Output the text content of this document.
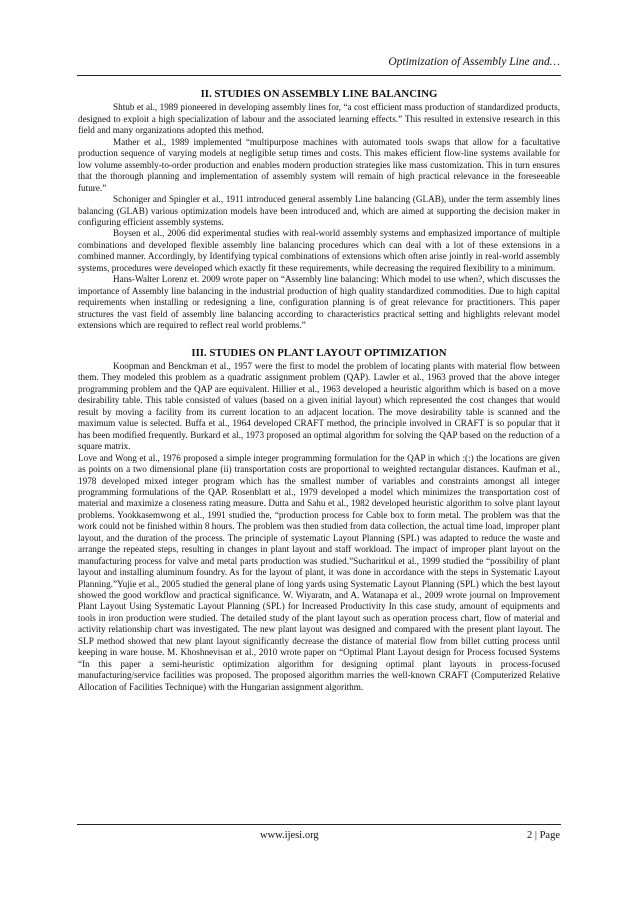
Optimization of Assembly Line and…
II. STUDIES ON ASSEMBLY LINE BALANCING

Shtub et al., 1989 pioneered in developing assembly lines for, “a cost efficient mass production of standardized products, designed to exploit a high specialization of labour and the associated learning effects.” This resulted in extensive research in this field and many organizations adopted this method.

Mather et al., 1989 implemented “multipurpose machines with automated tools swaps that allow for a facultative production sequence of varying models at negligible setup times and costs. This makes efficient flow-line systems available for low volume assembly-to-order production and enables modern production strategies like mass customization. This in turn ensures that the thorough planning and implementation of assembly system will remain of high practical relevance in the foreseeable future.”

Schoniger and Spingler et al., 1911 introduced general assembly Line balancing (GLAB), under the term assembly lines balancing (GLAB) various optimization models have been introduced and, which are aimed at supporting the decision maker in configuring efficient assembly systems.

Boysen et al., 2006 did experimental studies with real-world assembly systems and emphasized importance of multiple combinations and developed flexible assembly line balancing procedures which can deal with a lot of these extensions in a combined manner. Accordingly, by Identifying typical combinations of extensions which often arise jointly in real-world assembly systems, procedures were developed which exactly fit these requirements, while decreasing the required flexibility to a minimum.

Hans-Walter Lorenz et. 2009 wrote paper on “Assembly line balancing: Which model to use when?, which discusses the importance of Assembly line balancing in the industrial production of high quality standardized commodities. Due to high capital requirements when installing or redesigning a line, configuration planning is of great relevance for practitioners. This paper structures the vast field of assembly line balancing according to characteristics practical setting and highlights relevant model extensions which are required to reflect real world problems.”

III. STUDIES ON PLANT LAYOUT OPTIMIZATION

Koopman and Benckman et al., 1957 were the first to model the problem of locating plants with material flow between them. They modeled this problem as a quadratic assignment problem (QAP). Lawler et al., 1963 proved that the above integer programming problem and the QAP are equivalent. Hillier et al., 1963 developed a heuristic algorithm which is based on a move desirability table. This table consisted of values (based on a given initial layout) which represented the cost changes that would result by moving a facility from its current location to an adjacent location. The move desirability table is scanned and the maximum value is selected. Buffa et al., 1964 developed CRAFT method, the principle involved in CRAFT is so popular that it has been modified frequently. Burkard et al., 1973 proposed an optimal algorithm for solving the QAP based on the reduction of a square matrix.

Love and Wong et al., 1976 proposed a simple integer programming formulation for the QAP in which :(:) the locations are given as points on a two dimensional plane (ii) transportation costs are proportional to weighted rectangular distances. Kaufman et al., 1978 developed mixed integer program which has the smallest number of variables and constraints amongst all integer programming formulations of the QAP. Rosenblatt et al., 1979 developed a model which minimizes the transportation cost of material and maximize a closeness rating measure. Dutta and Sahu et al., 1982 developed heuristic algorithm to solve plant layout problems. Yookkasemwong et al., 1991 studied the, “production process for Cable box to form metal. The problem was that the work could not be finished within 8 hours. The problem was then studied from data collection, the actual time load, improper plant layout, and the duration of the process. The principle of systematic Layout Planning (SPL) was adapted to reduce the waste and arrange the repeated steps, resulting in changes in plant layout and staff workload. The impact of improper plant layout on the manufacturing process for valve and metal parts production was studied.”Sucharitkul et al., 1999 studied the “possibility of plant layout and installing aluminum foundry. As for the layout of plant, it was done in accordance with the steps in Systematic Layout Planning.”Yujie et al., 2005 studied the general plane of long yards using Systematic Layout Planning (SPL) which the best layout showed the good workflow and practical significance. W. Wiyaratn, and A. Watanapa et al., 2009 wrote journal on Improvement Plant Layout Using Systematic Layout Planning (SPL) for Increased Productivity In this case study, amount of equipments and tools in iron production were studied. The detailed study of the plant layout such as operation process chart, flow of material and activity relationship chart was investigated. The new plant layout was designed and compared with the present plant layout. The SLP method showed that new plant layout significantly decrease the distance of material flow from billet cutting process until keeping in ware house. M. Khoshnevisan et al., 2010 wrote paper on “Optimal Plant Layout design for Process focused Systems “In this paper a semi-heuristic optimization algorithm for designing optimal plant layouts in process-focused manufacturing/service facilities was proposed. The proposed algorithm marries the well-known CRAFT (Computerized Relative Allocation of Facilities Technique) with the Hungarian assignment algorithm.

www.ijesi.org	2 | Page
